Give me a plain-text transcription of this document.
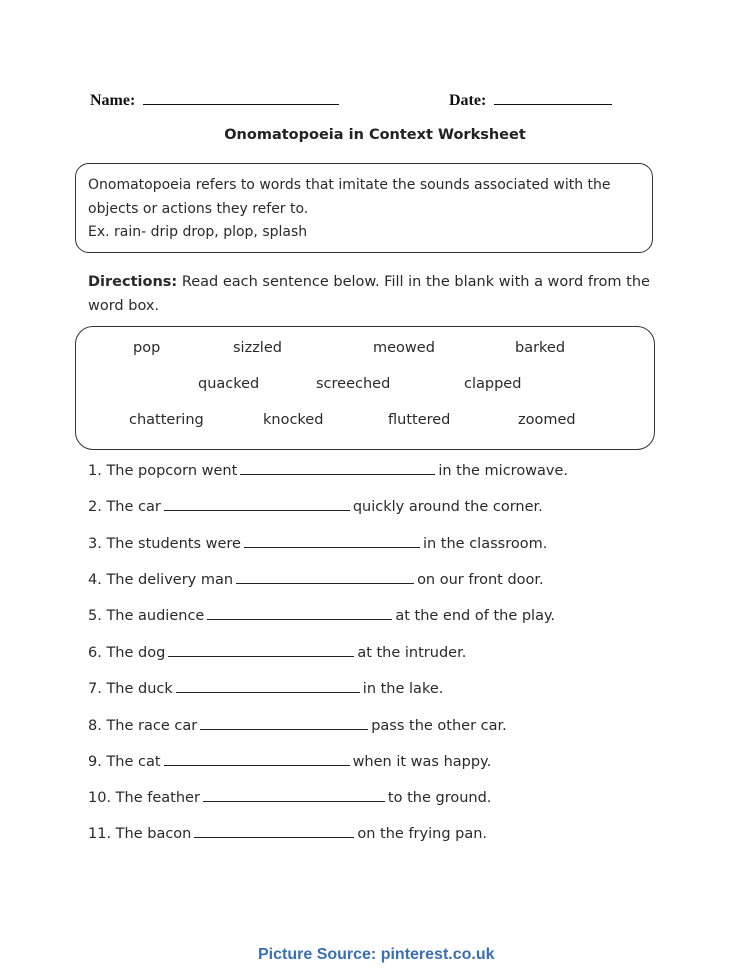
Name:	Date:
Onomatopoeia in Context Worksheet
Onomatopoeia refers to words that imitate the sounds associated with the
objects or actions they refer to.
Ex. rain- drip drop, plop, splash
Directions: Read each sentence below. Fill in the blank with a word from the word box.
pop	sizzled	meowed	barked
quacked	screeched	clapped
chattering	knocked	fluttered	zoomed
1. The popcorn went	in the microwave.
2. The car	quickly around the corner.
3. The students were	in the classroom.
4. The delivery man	on our front door.
5. The audience	at the end of the play.
6. The dog	at the intruder.
7. The duck	in the lake.
8. The race car	pass the other car.
9. The cat	when it was happy.
10. The feather	to the ground.
11. The bacon	on the frying pan.
Picture Source: pinterest.co.uk
